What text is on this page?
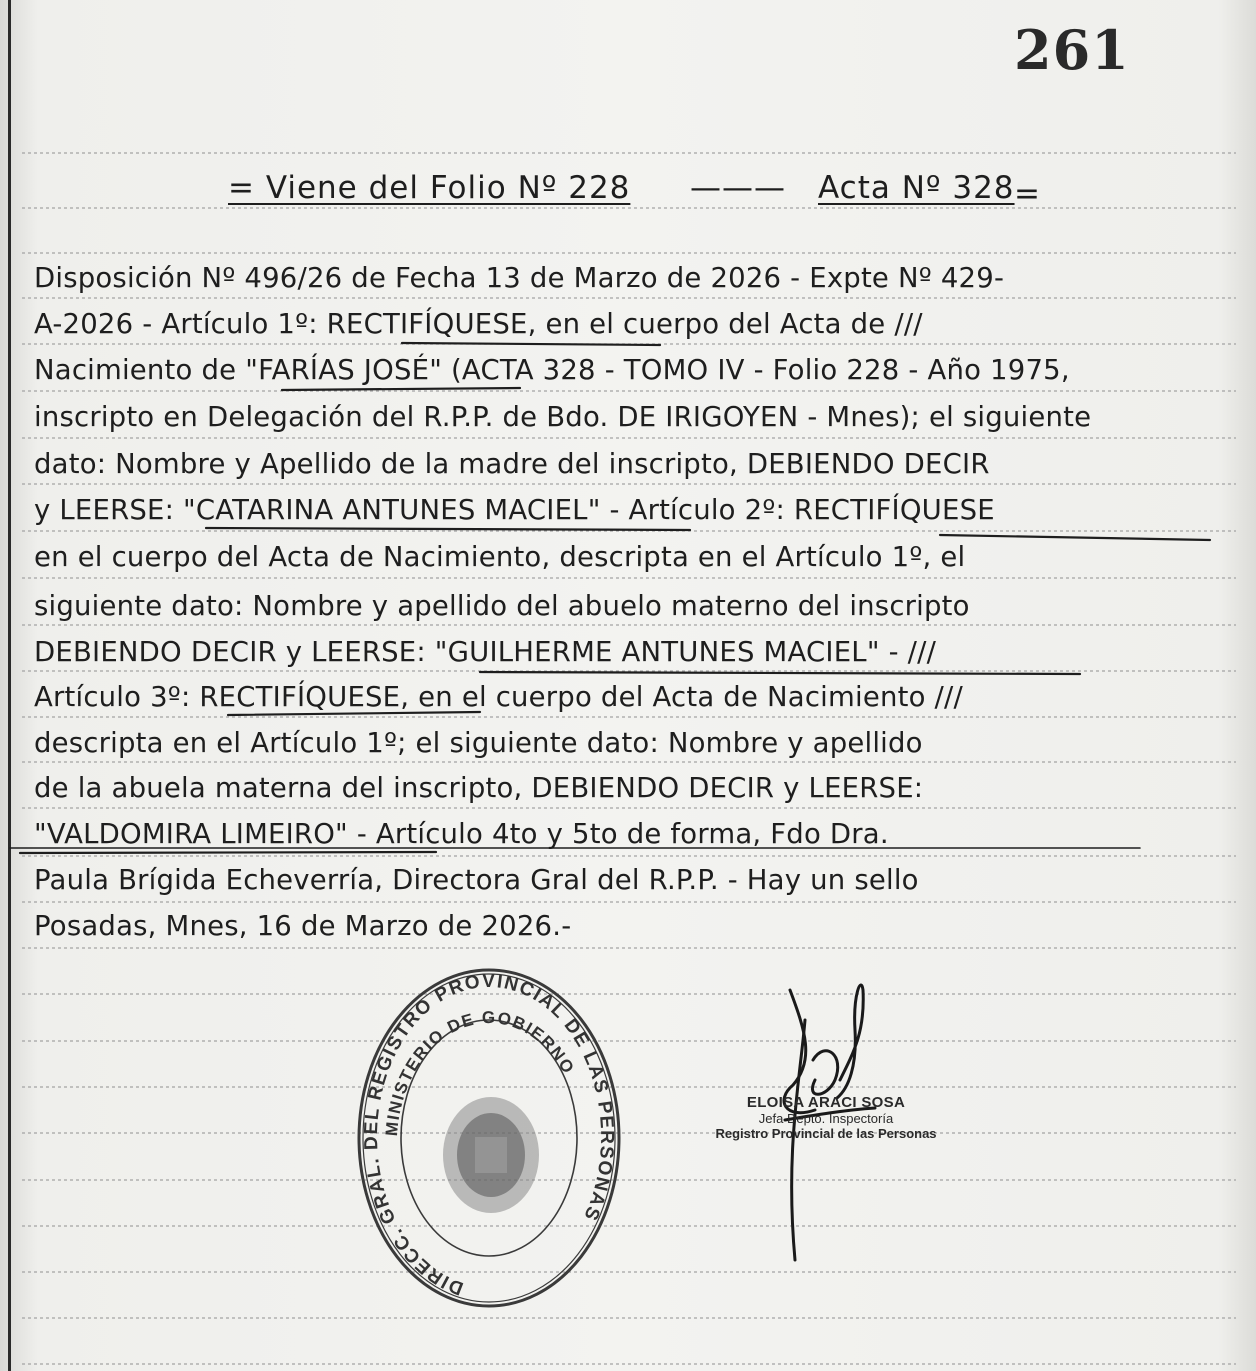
261
= Viene del Folio Nº 228 ——— Acta Nº 328 =
Disposición Nº 496/26 de Fecha 13 de Marzo de 2026 - Expte Nº 429-
A-2026 - Artículo 1º: RECTIFÍQUESE, en el cuerpo del Acta de ///
Nacimiento de "FARÍAS JOSÉ" (ACTA 328 - TOMO IV - Folio 228 - Año 1975,
inscripto en Delegación del R.P.P. de Bdo. DE IRIGOYEN - Mnes); el siguiente
dato: Nombre y Apellido de la madre del inscripto, DEBIENDO DECIR
y LEERSE: "CATARINA ANTUNES MACIEL" - Artículo 2º: RECTIFÍQUESE
en el cuerpo del Acta de Nacimiento, descripta en el Artículo 1º, el
siguiente dato: Nombre y apellido del abuelo materno del inscripto
DEBIENDO DECIR y LEERSE: "GUILHERME ANTUNES MACIEL" - ///
Artículo 3º: RECTIFÍQUESE, en el cuerpo del Acta de Nacimiento ///
descripta en el Artículo 1º; el siguiente dato: Nombre y apellido
de la abuela materna del inscripto, DEBIENDO DECIR y LEERSE:
"VALDOMIRA LIMEIRO" - Artículo 4to y 5to de forma, Fdo Dra.
Paula Brígida Echeverría, Directora Gral del R.P.P. - Hay un sello
Posadas, Mnes, 16 de Marzo de 2026.-
DIRECC. GRAL. DEL REGISTRO PROVINCIAL DE LAS PERSONAS
MINISTERIO DE GOBIERNO
ELOISA ARACI SOSA
Jefa Depto. Inspectoría
Registro Provincial de las Personas
